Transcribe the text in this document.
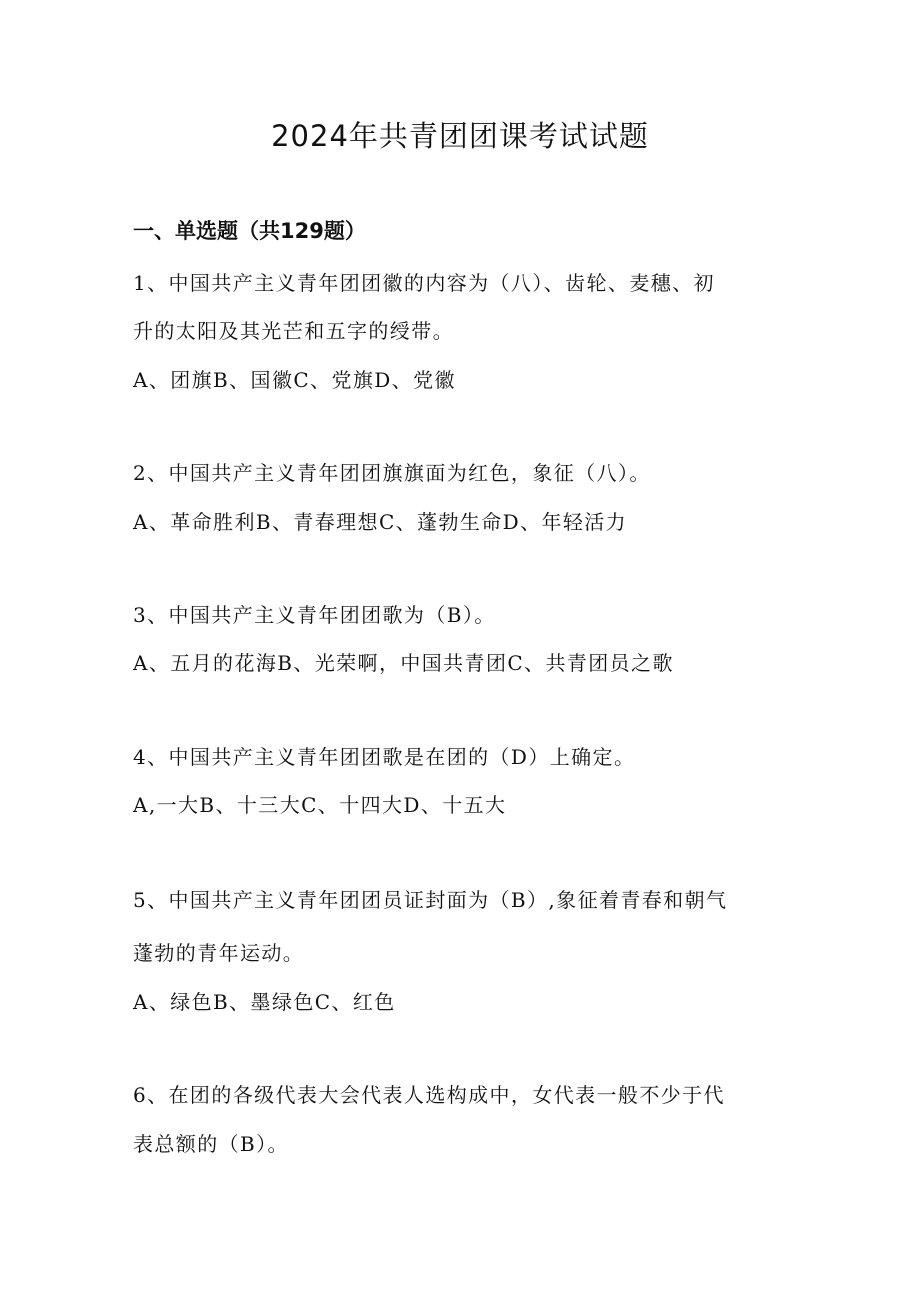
2024年共青团团课考试试题
一、单选题（共129题）
1、中国共产主义青年团团徽的内容为（八）、齿轮、麦穗、初
升的太阳及其光芒和五字的绶带。
A、团旗B、国徽C、党旗D、党徽
2、中国共产主义青年团团旗旗面为红色，象征（八）。
A、革命胜利B、青春理想C、蓬勃生命D、年轻活力
3、中国共产主义青年团团歌为（B）。
A、五月的花海B、光荣啊，中国共青团C、共青团员之歌
4、中国共产主义青年团团歌是在团的（D）上确定。
A,一大B、十三大C、十四大D、十五大
5、中国共产主义青年团团员证封面为（B）,象征着青春和朝气
蓬勃的青年运动。
A、绿色B、墨绿色C、红色
6、在团的各级代表大会代表人选构成中，女代表一般不少于代
表总额的（B）。
